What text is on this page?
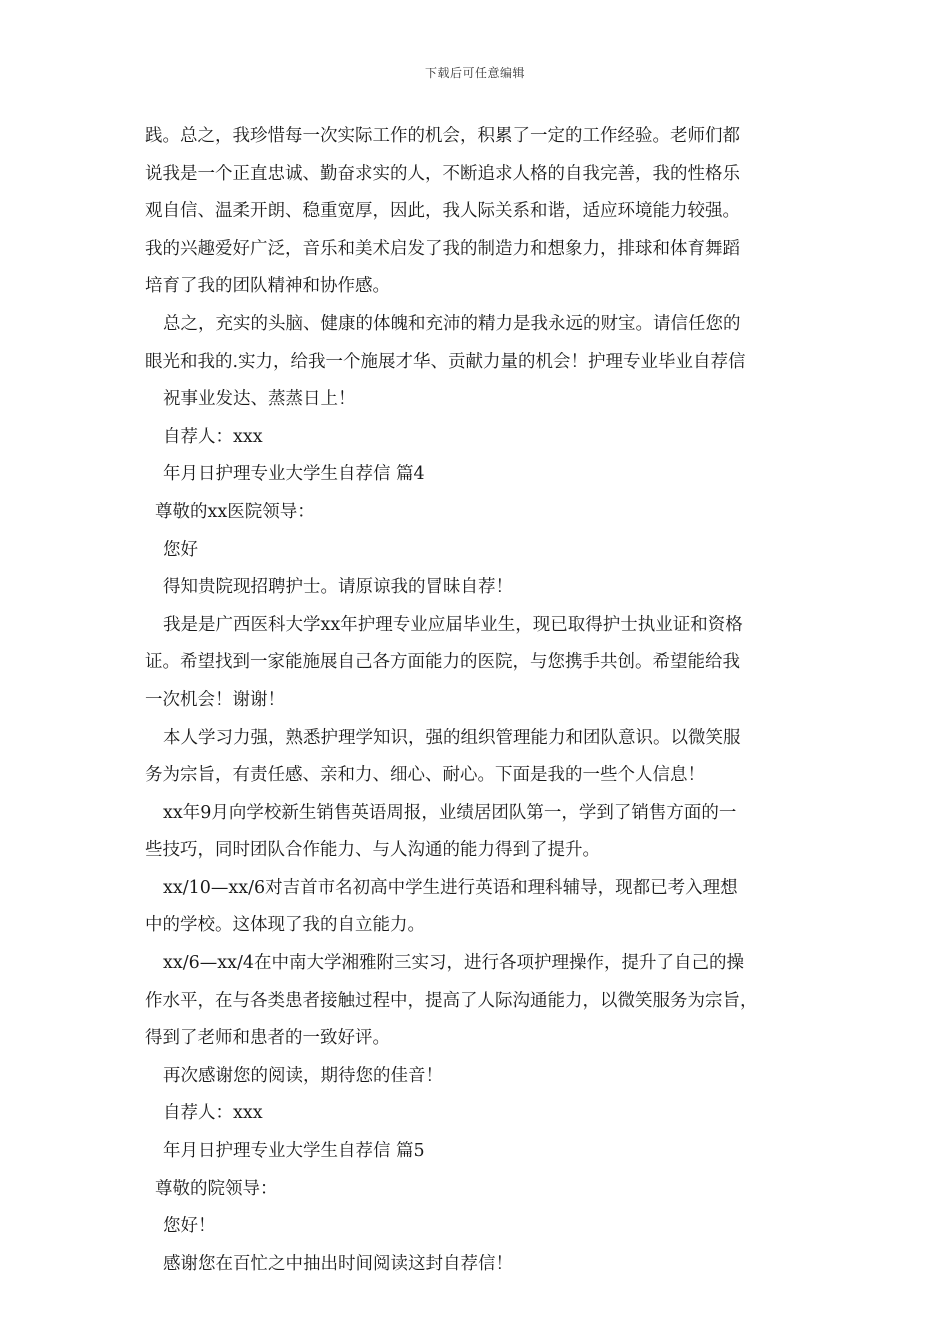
下载后可任意编辑
践。总之，我珍惜每一次实际工作的机会，积累了一定的工作经验。老师们都
说我是一个正直忠诚、勤奋求实的人，不断追求人格的自我完善，我的性格乐
观自信、温柔开朗、稳重宽厚，因此，我人际关系和谐，适应环境能力较强。
我的兴趣爱好广泛，音乐和美术启发了我的制造力和想象力，排球和体育舞蹈
培育了我的团队精神和协作感。
总之，充实的头脑、健康的体魄和充沛的精力是我永远的财宝。请信任您的
眼光和我的.实力，给我一个施展才华、贡献力量的机会！护理专业毕业自荐信
祝事业发达、蒸蒸日上！
自荐人：xxx
年月日护理专业大学生自荐信 篇4
尊敬的xx医院领导：
您好
得知贵院现招聘护士。请原谅我的冒昧自荐！
我是是广西医科大学xx年护理专业应届毕业生，现已取得护士执业证和资格
证。希望找到一家能施展自己各方面能力的医院，与您携手共创。希望能给我
一次机会！谢谢！
本人学习力强，熟悉护理学知识，强的组织管理能力和团队意识。以微笑服
务为宗旨，有责任感、亲和力、细心、耐心。下面是我的一些个人信息！
xx年9月向学校新生销售英语周报，业绩居团队第一，学到了销售方面的一
些技巧，同时团队合作能力、与人沟通的能力得到了提升。
xx/10—xx/6对吉首市名初高中学生进行英语和理科辅导，现都已考入理想
中的学校。这体现了我的自立能力。
xx/6—xx/4在中南大学湘雅附三实习，进行各项护理操作，提升了自己的操
作水平，在与各类患者接触过程中，提高了人际沟通能力，以微笑服务为宗旨，
得到了老师和患者的一致好评。
再次感谢您的阅读，期待您的佳音！
自荐人：xxx
年月日护理专业大学生自荐信 篇5
尊敬的院领导：
您好！
感谢您在百忙之中抽出时间阅读这封自荐信！
